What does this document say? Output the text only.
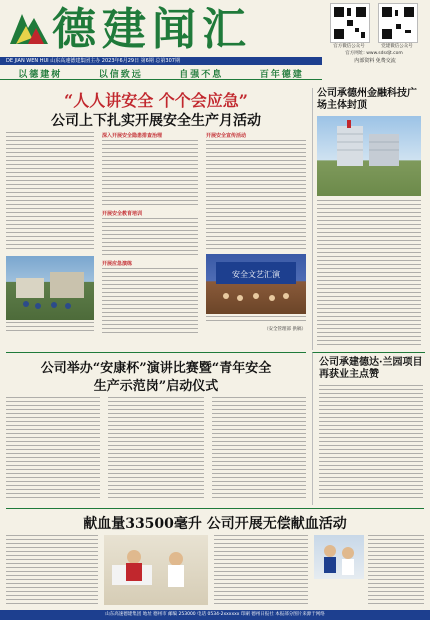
德建闻汇	官方微信公众号	党建微信公众号
官方网址: www.sdsdjt.com
DE JIAN WEN HUI 山东高速德建集团主办 2023年6月29日 第6期 总第307期	内部资料 免费交流
以德建树	以信致远	自强不息	百年德建
“人人讲安全 个个会应急”
公司上下扎实开展安全生产月活动
深入开展安全隐患排查治理
开展安全教育培训
开展应急演练
开展安全宣传活动
安全文艺汇演
（安全管理部 供稿）
公司承德州金融科技广场主体封顶
公司举办“安康杯”演讲比赛暨“青年安全
生产示范岗”启动仪式
公司承建德达·兰园项目再获业主点赞
献血量33500毫升 公司开展无偿献血活动
山东高速德建集团 地址 德州市 邮编 253000 电话 0534-2xxxxxx 印刷 德州日报社 本报部分图片来源于网络
